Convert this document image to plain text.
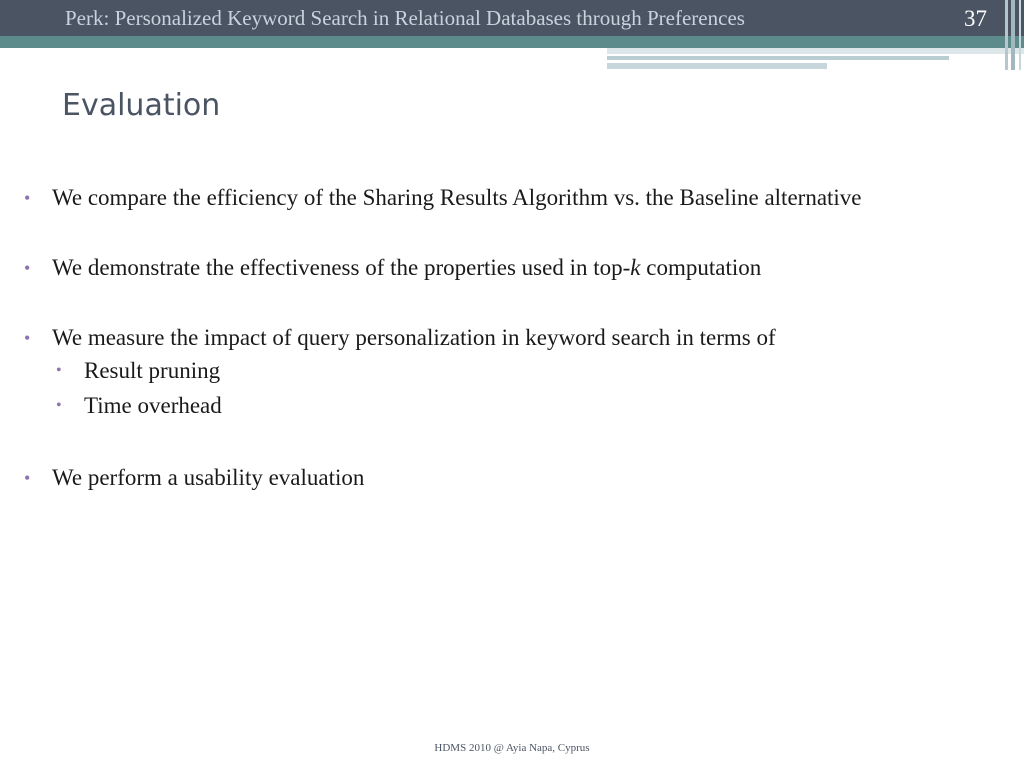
Perk: Personalized Keyword Search in Relational Databases through Preferences	37
Evaluation
• We compare the efficiency of the Sharing Results Algorithm vs. the Baseline alternative
• We demonstrate the effectiveness of the properties used in top-k computation
• We measure the impact of query personalization in keyword search in terms of
• Result pruning
• Time overhead
• We perform a usability evaluation
HDMS 2010 @ Ayia Napa, Cyprus
